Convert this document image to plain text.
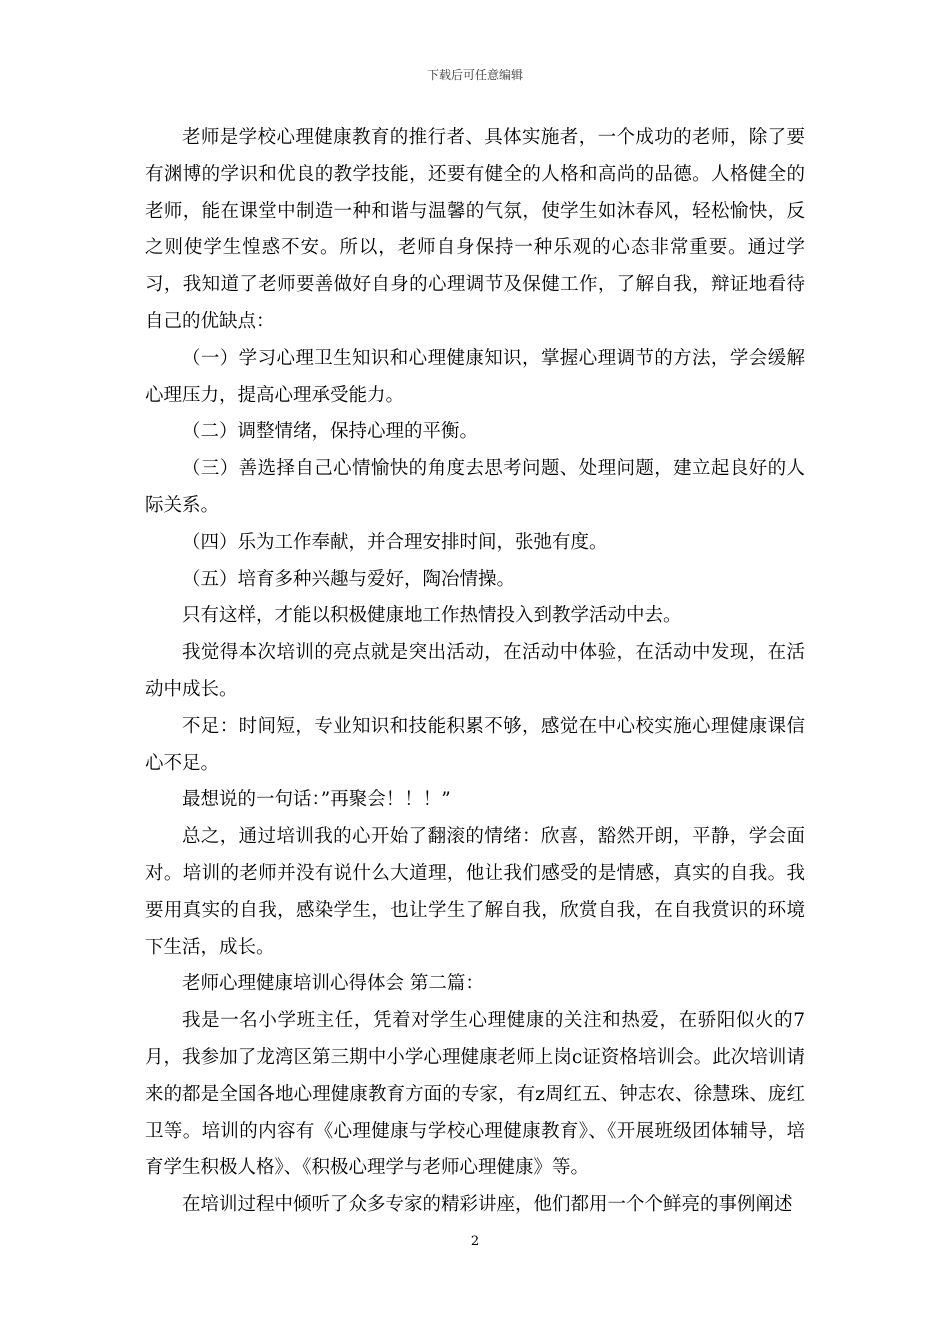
下载后可任意编辑

老师是学校心理健康教育的推行者、具体实施者，一个成功的老师，除了要有渊博的学识和优良的教学技能，还要有健全的人格和高尚的品德。人格健全的老师，能在课堂中制造一种和谐与温馨的气氛，使学生如沐春风，轻松愉快，反之则使学生惶惑不安。所以，老师自身保持一种乐观的心态非常重要。通过学习，我知道了老师要善做好自身的心理调节及保健工作，了解自我，辩证地看待自己的优缺点：

（一）学习心理卫生知识和心理健康知识，掌握心理调节的方法，学会缓解心理压力，提高心理承受能力。

（二）调整情绪，保持心理的平衡。

（三）善选择自己心情愉快的角度去思考问题、处理问题，建立起良好的人际关系。

（四）乐为工作奉献，并合理安排时间，张弛有度。

（五）培育多种兴趣与爱好，陶冶情操。

只有这样，才能以积极健康地工作热情投入到教学活动中去。

我觉得本次培训的亮点就是突出活动，在活动中体验，在活动中发现，在活动中成长。

不足：时间短，专业知识和技能积累不够，感觉在中心校实施心理健康课信心不足。

最想说的一句话：”再聚会！！！”

总之，通过培训我的心开始了翻滚的情绪：欣喜，豁然开朗，平静，学会面对。培训的老师并没有说什么大道理，他让我们感受的是情感，真实的自我。我要用真实的自我，感染学生，也让学生了解自我，欣赏自我，在自我赏识的环境下生活，成长。

老师心理健康培训心得体会 第二篇：

我是一名小学班主任，凭着对学生心理健康的关注和热爱，在骄阳似火的7月，我参加了龙湾区第三期中小学心理健康老师上岗c证资格培训会。此次培训请来的都是全国各地心理健康教育方面的专家，有z周红五、钟志农、徐慧珠、庞红卫等。培训的内容有《心理健康与学校心理健康教育》、《开展班级团体辅导，培育学生积极人格》、《积极心理学与老师心理健康》等。

在培训过程中倾听了众多专家的精彩讲座，他们都用一个个鲜亮的事例阐述

2
